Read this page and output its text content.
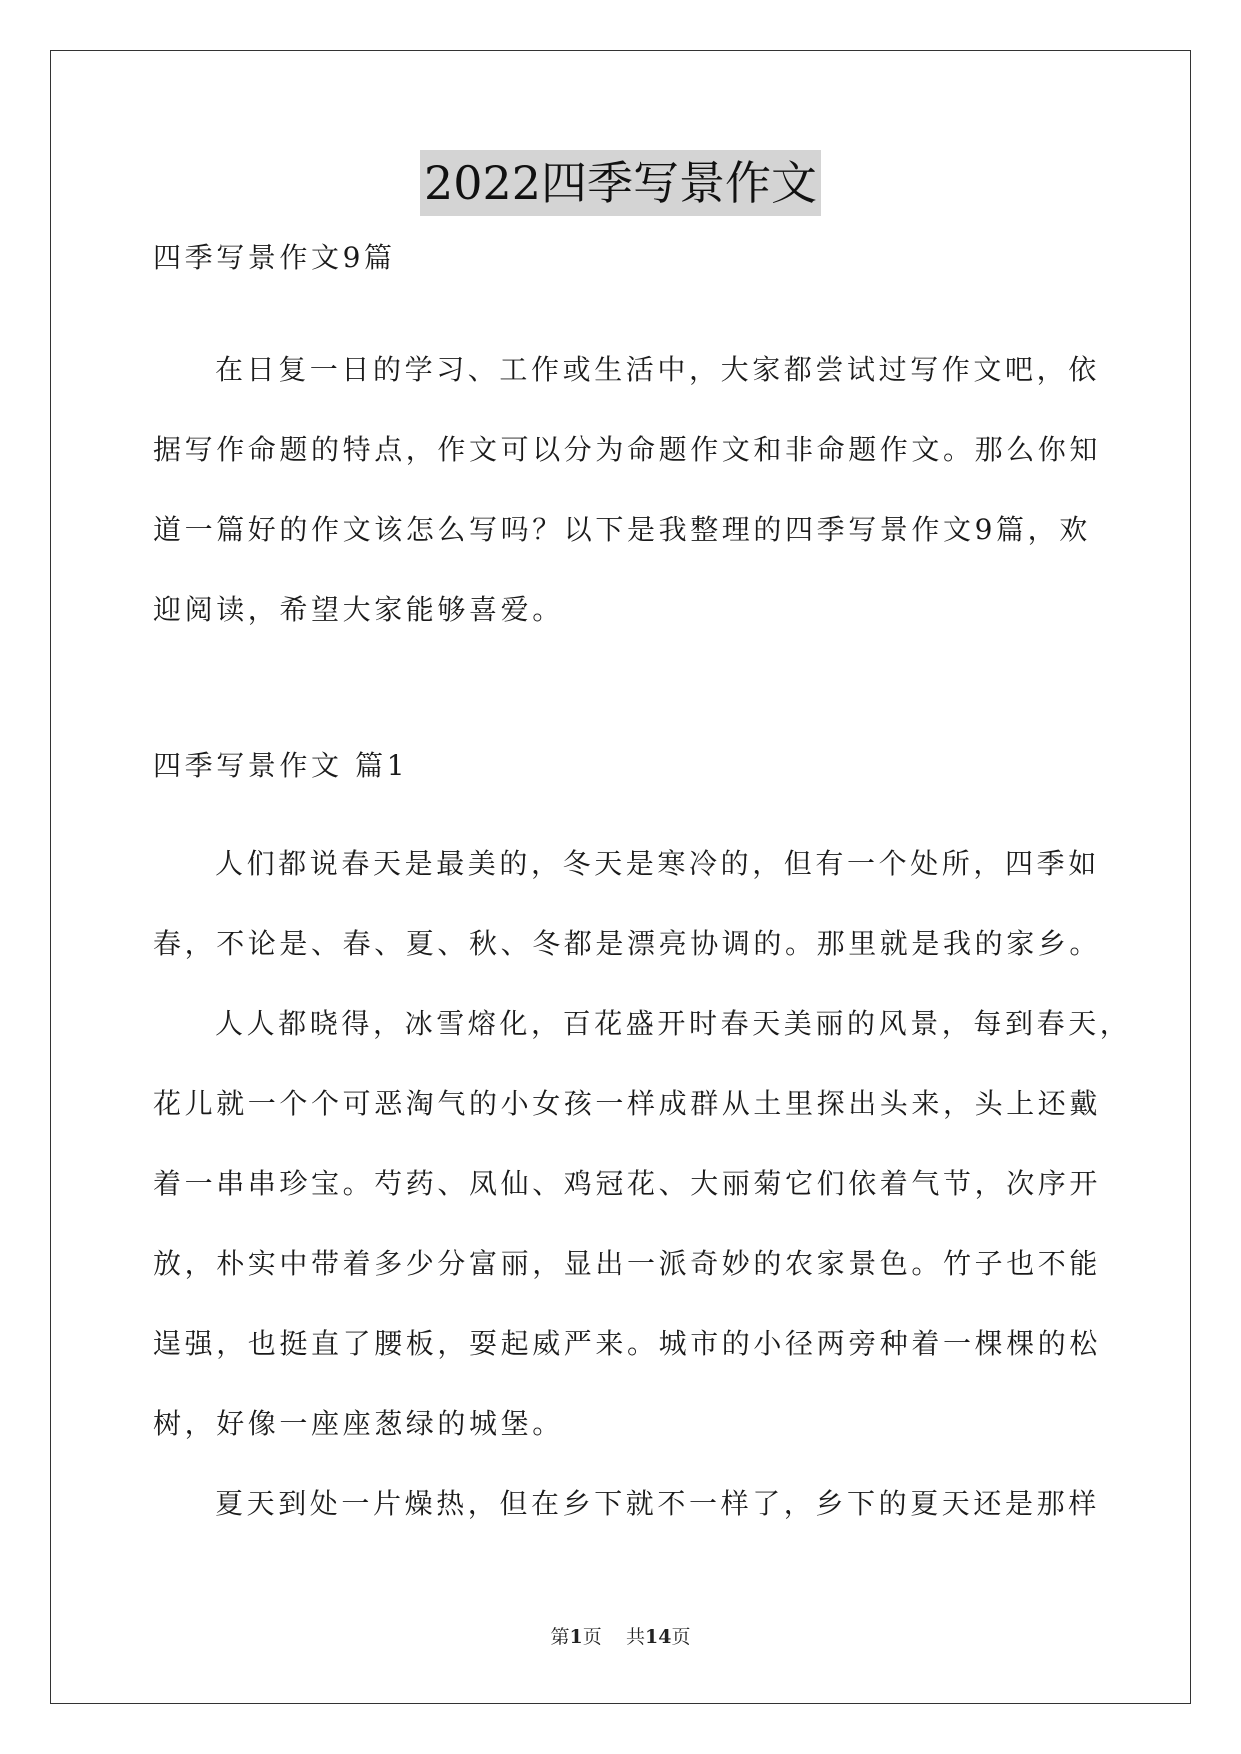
2022四季写景作文
四季写景作文9篇
在日复一日的学习、工作或生活中，大家都尝试过写作文吧，依
据写作命题的特点，作文可以分为命题作文和非命题作文。那么你知
道一篇好的作文该怎么写吗？以下是我整理的四季写景作文9篇，欢
迎阅读，希望大家能够喜爱。
四季写景作文 篇1
人们都说春天是最美的，冬天是寒冷的，但有一个处所，四季如
春，不论是、春、夏、秋、冬都是漂亮协调的。那里就是我的家乡。
人人都晓得，冰雪熔化，百花盛开时春天美丽的风景，每到春天，
花儿就一个个可恶淘气的小女孩一样成群从土里探出头来，头上还戴
着一串串珍宝。芍药、凤仙、鸡冠花、大丽菊它们依着气节，次序开
放，朴实中带着多少分富丽，显出一派奇妙的农家景色。竹子也不能
逞强，也挺直了腰板，耍起威严来。城市的小径两旁种着一棵棵的松
树，好像一座座葱绿的城堡。
夏天到处一片燥热，但在乡下就不一样了，乡下的夏天还是那样
第1页 共14页
